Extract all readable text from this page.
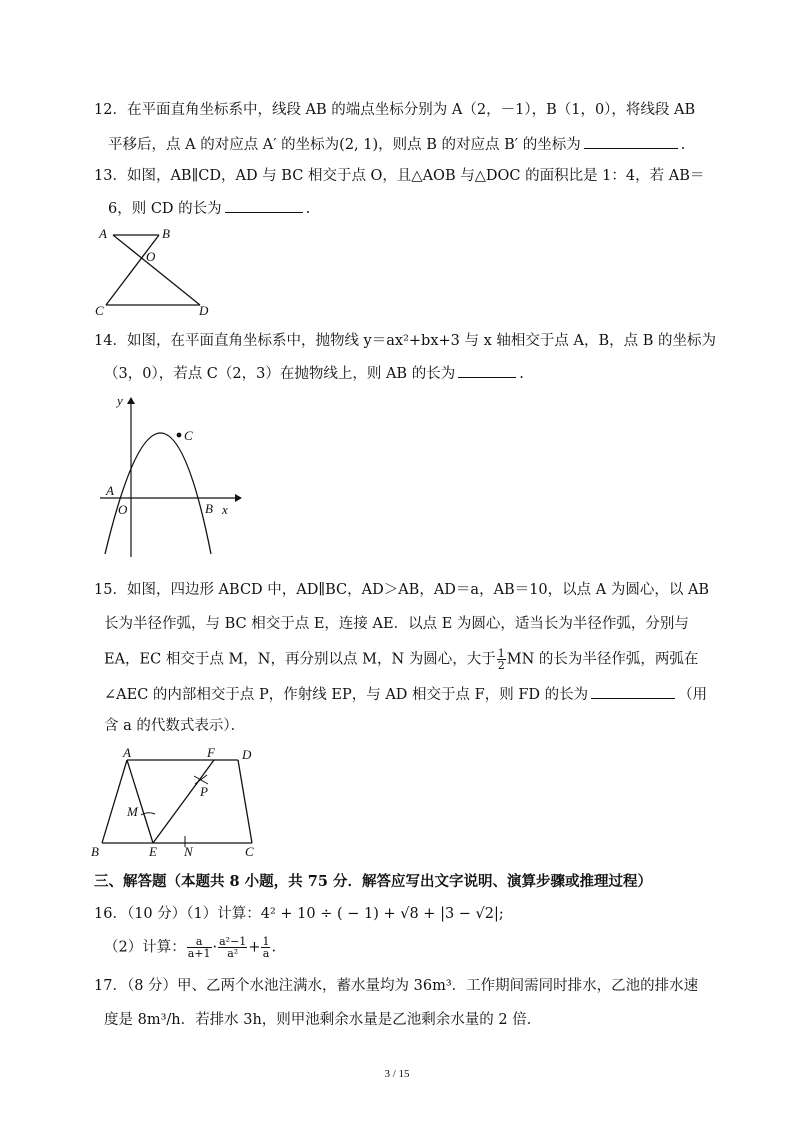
12．在平面直角坐标系中，线段 AB 的端点坐标分别为 A（2，－1），B（1，0），将线段 AB
平移后，点 A 的对应点 A′ 的坐标为(2, 1)，则点 B 的对应点 B′ 的坐标为	.
13．如图，AB∥CD，AD 与 BC 相交于点 O，且△AOB 与△DOC 的面积比是 1：4，若 AB＝
6，则 CD 的长为	.
A	B
O
C	D
14．如图，在平面直角坐标系中，抛物线 y＝ax²+bx+3 与 x 轴相交于点 A，B，点 B 的坐标为
（3，0），若点 C（2，3）在抛物线上，则 AB 的长为	.
y
x
A
O	B
C
15．如图，四边形 ABCD 中，AD∥BC，AD＞AB，AD＝a，AB＝10，以点 A 为圆心，以 AB
长为半径作弧，与 BC 相交于点 E，连接 AE．以点 E 为圆心，适当长为半径作弧，分别与
EA，EC 相交于点 M，N，再分别以点 M，N 为圆心，大于 $\frac{1}{2}$ MN 的长为半径作弧，两弧在
∠AEC 的内部相交于点 P，作射线 EP，与 AD 相交于点 F，则 FD 的长为	（用
含 a 的代数式表示）．
A	F D
P
M
B	E N	C
三、解答题（本题共 8 小题，共 75 分．解答应写出文字说明、演算步骤或推理过程）
16．（10 分）（1）计算：4² + 10 ÷ ( − 1) + √8 + |3 − √2|;
（2）计算： $\frac{a}{a+1} \cdot \frac{\text{a²−1}}{\text{a²}} + \frac{1}{a}$ .
17．（8 分）甲、乙两个水池注满水，蓄水量均为 36m³．工作期间需同时排水，乙池的排水速
度是 8m³/h．若排水 3h，则甲池剩余水量是乙池剩余水量的 2 倍．
3 / 15
